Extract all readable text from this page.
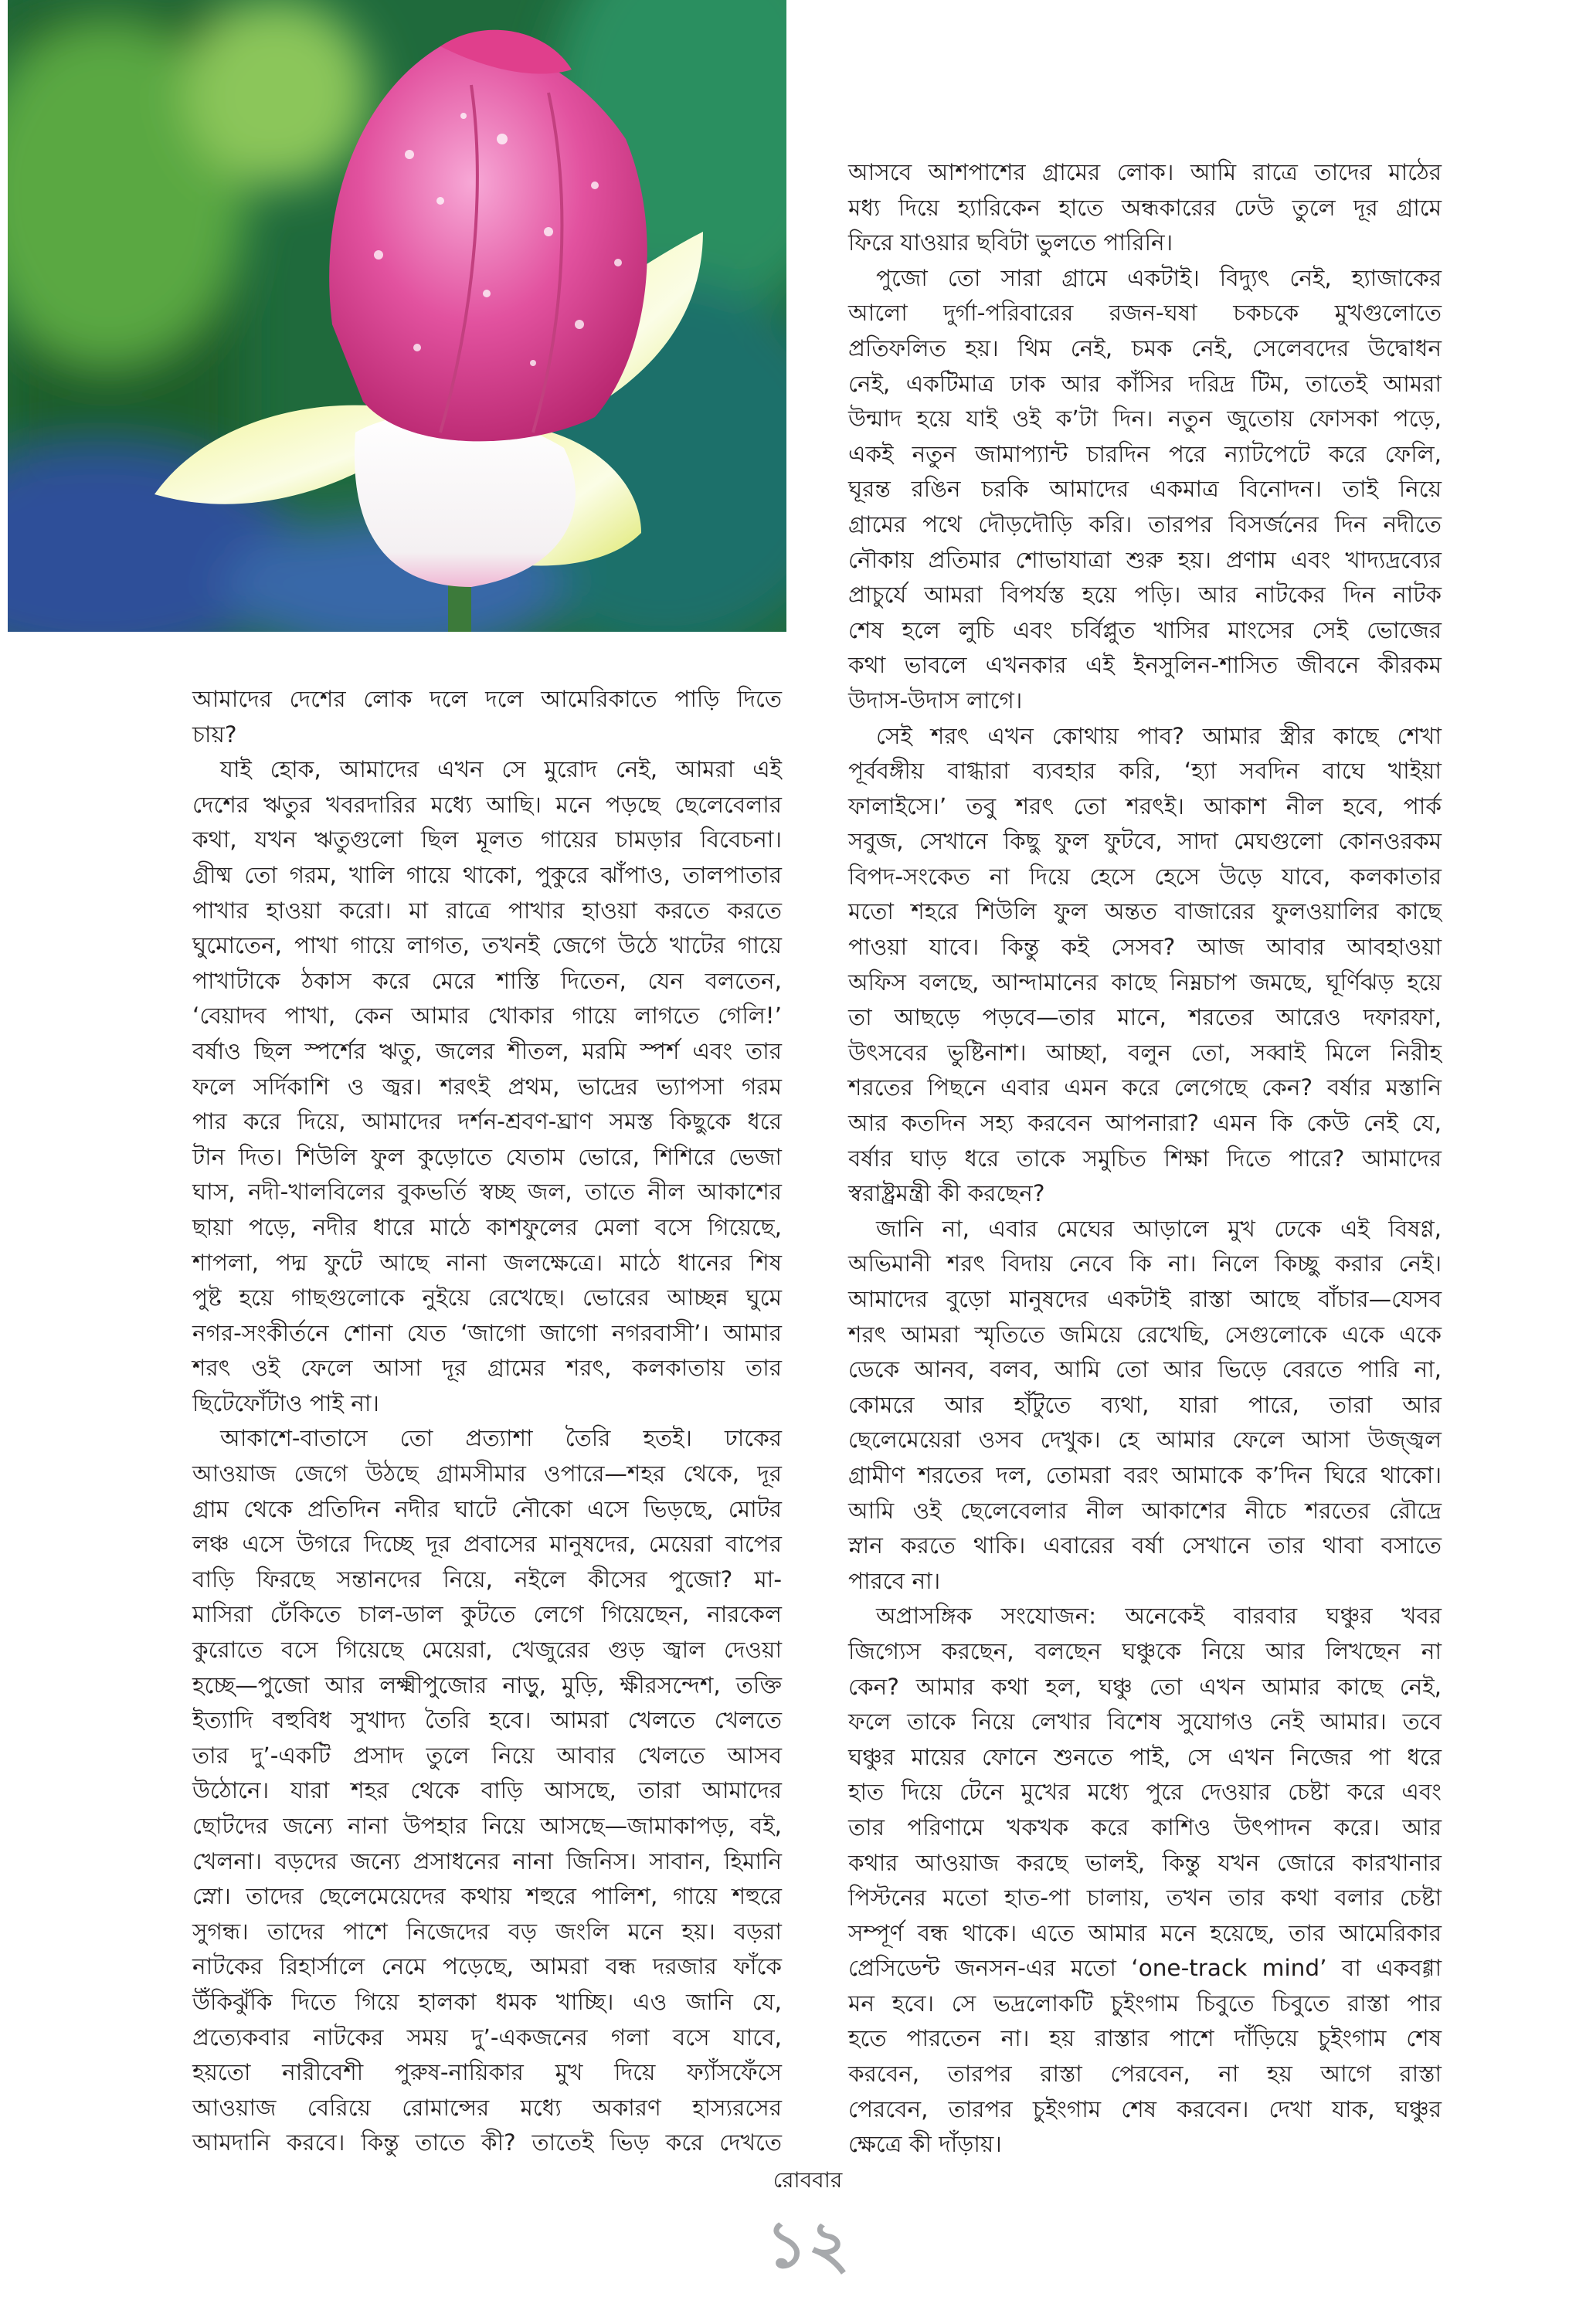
আমাদের দেশের লোক দলে দলে আমেরিকাতে পাড়ি দিতে
চায়?
যাই হোক, আমাদের এখন সে মুরোদ নেই, আমরা এই
দেশের ঋতুর খবরদারির মধ্যে আছি। মনে পড়ছে ছেলেবেলার
কথা, যখন ঋতুগুলো ছিল মূলত গায়ের চামড়ার বিবেচনা।
গ্রীষ্ম তো গরম, খালি গায়ে থাকো, পুকুরে ঝাঁপাও, তালপাতার
পাখার হাওয়া করো। মা রাত্রে পাখার হাওয়া করতে করতে
ঘুমোতেন, পাখা গায়ে লাগত, তখনই জেগে উঠে খাটের গায়ে
পাখাটাকে ঠকাস করে মেরে শাস্তি দিতেন, যেন বলতেন,
‘বেয়াদব পাখা, কেন আমার খোকার গায়ে লাগতে গেলি!’
বর্ষাও ছিল স্পর্শের ঋতু, জলের শীতল, মরমি স্পর্শ এবং তার
ফলে সর্দিকাশি ও জ্বর। শরৎই প্রথম, ভাদ্রের ভ্যাপসা গরম
পার করে দিয়ে, আমাদের দর্শন-শ্রবণ-ঘ্রাণ সমস্ত কিছুকে ধরে
টান দিত। শিউলি ফুল কুড়োতে যেতাম ভোরে, শিশিরে ভেজা
ঘাস, নদী-খালবিলের বুকভর্তি স্বচ্ছ জল, তাতে নীল আকাশের
ছায়া পড়ে, নদীর ধারে মাঠে কাশফুলের মেলা বসে গিয়েছে,
শাপলা, পদ্ম ফুটে আছে নানা জলক্ষেত্রে। মাঠে ধানের শিষ
পুষ্ট হয়ে গাছগুলোকে নুইয়ে রেখেছে। ভোরের আচ্ছন্ন ঘুমে
নগর-সংকীর্তনে শোনা যেত ‘জাগো জাগো নগরবাসী’। আমার
শরৎ ওই ফেলে আসা দূর গ্রামের শরৎ, কলকাতায় তার
ছিটেফোঁটাও পাই না।
আকাশে-বাতাসে তো প্রত্যাশা তৈরি হতই। ঢাকের
আওয়াজ জেগে উঠছে গ্রামসীমার ওপারে—শহর থেকে, দূর
গ্রাম থেকে প্রতিদিন নদীর ঘাটে নৌকো এসে ভিড়ছে, মোটর
লঞ্চ এসে উগরে দিচ্ছে দূর প্রবাসের মানুষদের, মেয়েরা বাপের
বাড়ি ফিরছে সন্তানদের নিয়ে, নইলে কীসের পুজো? মা-
মাসিরা ঢেঁকিতে চাল-ডাল কুটতে লেগে গিয়েছেন, নারকেল
কুরোতে বসে গিয়েছে মেয়েরা, খেজুরের গুড় জ্বাল দেওয়া
হচ্ছে—পুজো আর লক্ষ্মীপুজোর নাড়ু, মুড়ি, ক্ষীরসন্দেশ, তক্তি
ইত্যাদি বহুবিধ সুখাদ্য তৈরি হবে। আমরা খেলতে খেলতে
তার দু’-একটি প্রসাদ তুলে নিয়ে আবার খেলতে আসব
উঠোনে। যারা শহর থেকে বাড়ি আসছে, তারা আমাদের
ছোটদের জন্যে নানা উপহার নিয়ে আসছে—জামাকাপড়, বই,
খেলনা। বড়দের জন্যে প্রসাধনের নানা জিনিস। সাবান, হিমানি
স্নো। তাদের ছেলেমেয়েদের কথায় শহুরে পালিশ, গায়ে শহুরে
সুগন্ধ। তাদের পাশে নিজেদের বড় জংলি মনে হয়। বড়রা
নাটকের রিহার্সালে নেমে পড়েছে, আমরা বন্ধ দরজার ফাঁকে
উঁকিঝুঁকি দিতে গিয়ে হালকা ধমক খাচ্ছি। এও জানি যে,
প্রত্যেকবার নাটকের সময় দু’-একজনের গলা বসে যাবে,
হয়তো নারীবেশী পুরুষ-নায়িকার মুখ দিয়ে ফ্যাঁসফেঁসে
আওয়াজ বেরিয়ে রোমান্সের মধ্যে অকারণ হাস্যরসের
আমদানি করবে। কিন্তু তাতে কী? তাতেই ভিড় করে দেখতে
আসবে আশপাশের গ্রামের লোক। আমি রাত্রে তাদের মাঠের
মধ্য দিয়ে হ্যারিকেন হাতে অন্ধকারের ঢেউ তুলে দূর গ্রামে
ফিরে যাওয়ার ছবিটা ভুলতে পারিনি।
পুজো তো সারা গ্রামে একটাই। বিদ্যুৎ নেই, হ্যাজাকের
আলো দুর্গা-পরিবারের রজন-ঘষা চকচকে মুখগুলোতে
প্রতিফলিত হয়। থিম নেই, চমক নেই, সেলেবদের উদ্বোধন
নেই, একটিমাত্র ঢাক আর কাঁসির দরিদ্র টিম, তাতেই আমরা
উন্মাদ হয়ে যাই ওই ক’টা দিন। নতুন জুতোয় ফোসকা পড়ে,
একই নতুন জামাপ্যান্ট চারদিন পরে ন্যাটপেটে করে ফেলি,
ঘূরন্ত রঙিন চরকি আমাদের একমাত্র বিনোদন। তাই নিয়ে
গ্রামের পথে দৌড়দৌড়ি করি। তারপর বিসর্জনের দিন নদীতে
নৌকায় প্রতিমার শোভাযাত্রা শুরু হয়। প্রণাম এবং খাদ্যদ্রব্যের
প্রাচুর্যে আমরা বিপর্যস্ত হয়ে পড়ি। আর নাটকের দিন নাটক
শেষ হলে লুচি এবং চর্বিপ্লুত খাসির মাংসের সেই ভোজের
কথা ভাবলে এখনকার এই ইনসুলিন-শাসিত জীবনে কীরকম
উদাস-উদাস লাগে।
সেই শরৎ এখন কোথায় পাব? আমার স্ত্রীর কাছে শেখা
পূর্ববঙ্গীয় বাগ্ধারা ব্যবহার করি, ‘হ্যা সবদিন বাঘে খাইয়া
ফালাইসে।’ তবু শরৎ তো শরৎই। আকাশ নীল হবে, পার্ক
সবুজ, সেখানে কিছু ফুল ফুটবে, সাদা মেঘগুলো কোনওরকম
বিপদ-সংকেত না দিয়ে হেসে হেসে উড়ে যাবে, কলকাতার
মতো শহরে শিউলি ফুল অন্তত বাজারের ফুলওয়ালির কাছে
পাওয়া যাবে। কিন্তু কই সেসব? আজ আবার আবহাওয়া
অফিস বলছে, আন্দামানের কাছে নিম্নচাপ জমছে, ঘূর্ণিঝড় হয়ে
তা আছড়ে পড়বে—তার মানে, শরতের আরেও দফারফা,
উৎসবের ভুষ্টিনাশ। আচ্ছা, বলুন তো, সব্বাই মিলে নিরীহ
শরতের পিছনে এবার এমন করে লেগেছে কেন? বর্ষার মস্তানি
আর কতদিন সহ্য করবেন আপনারা? এমন কি কেউ নেই যে,
বর্ষার ঘাড় ধরে তাকে সমুচিত শিক্ষা দিতে পারে? আমাদের
স্বরাষ্ট্রমন্ত্রী কী করছেন?
জানি না, এবার মেঘের আড়ালে মুখ ঢেকে এই বিষণ্ণ,
অভিমানী শরৎ বিদায় নেবে কি না। নিলে কিচ্ছু করার নেই।
আমাদের বুড়ো মানুষদের একটাই রাস্তা আছে বাঁচার—যেসব
শরৎ আমরা স্মৃতিতে জমিয়ে রেখেছি, সেগুলোকে একে একে
ডেকে আনব, বলব, আমি তো আর ভিড়ে বেরতে পারি না,
কোমরে আর হাঁটুতে ব্যথা, যারা পারে, তারা আর
ছেলেমেয়েরা ওসব দেখুক। হে আমার ফেলে আসা উজ্জ্বল
গ্রামীণ শরতের দল, তোমরা বরং আমাকে ক’দিন ঘিরে থাকো।
আমি ওই ছেলেবেলার নীল আকাশের নীচে শরতের রৌদ্রে
স্নান করতে থাকি। এবারের বর্ষা সেখানে তার থাবা বসাতে
পারবে না।
অপ্রাসঙ্গিক সংযোজন: অনেকেই বারবার ঘঞ্চুর খবর
জিগ্যেস করছেন, বলছেন ঘঞ্চুকে নিয়ে আর লিখছেন না
কেন? আমার কথা হল, ঘঞ্চু তো এখন আমার কাছে নেই,
ফলে তাকে নিয়ে লেখার বিশেষ সুযোগও নেই আমার। তবে
ঘঞ্চুর মায়ের ফোনে শুনতে পাই, সে এখন নিজের পা ধরে
হাত দিয়ে টেনে মুখের মধ্যে পুরে দেওয়ার চেষ্টা করে এবং
তার পরিণামে খকখক করে কাশিও উৎপাদন করে। আর
কথার আওয়াজ করছে ভালই, কিন্তু যখন জোরে কারখানার
পিস্টনের মতো হাত-পা চালায়, তখন তার কথা বলার চেষ্টা
সম্পূর্ণ বন্ধ থাকে। এতে আমার মনে হয়েছে, তার আমেরিকার
প্রেসিডেন্ট জনসন-এর মতো ‘one-track mind’ বা একবগ্গা
মন হবে। সে ভদ্রলোকটি চুইংগাম চিবুতে চিবুতে রাস্তা পার
হতে পারতেন না। হয় রাস্তার পাশে দাঁড়িয়ে চুইংগাম শেষ
করবেন, তারপর রাস্তা পেরবেন, না হয় আগে রাস্তা
পেরবেন, তারপর চুইংগাম শেষ করবেন। দেখা যাক, ঘঞ্চুর
ক্ষেত্রে কী দাঁড়ায়।
রোববার
১২
